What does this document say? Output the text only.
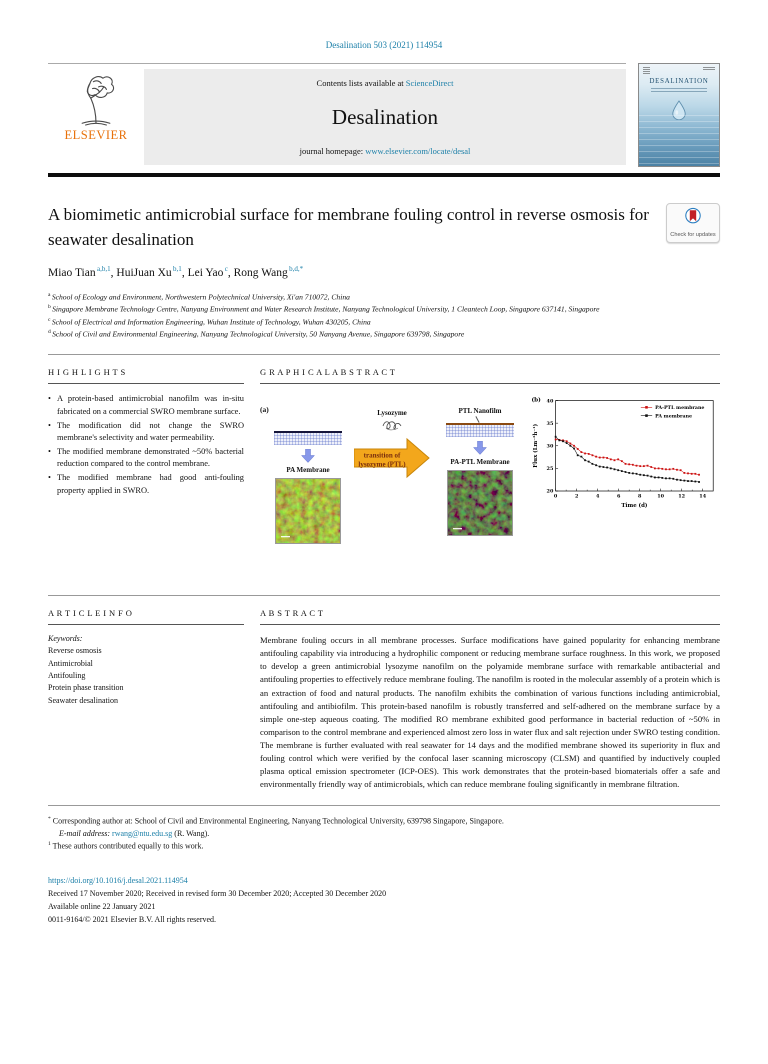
Desalination 503 (2021) 114954
ELSEVIER
Contents lists available at ScienceDirect
Desalination
journal homepage: www.elsevier.com/locate/desal
DESALINATION
A biomimetic antimicrobial surface for membrane fouling control in reverse osmosis for seawater desalination	Check for updates
Miao Tian $^{a,b,1}$, HuiJuan Xu $^{b,1}$, Lei Yao $^c$, Rong Wang $^{b,d,*}$
$^a$ School of Ecology and Environment, Northwestern Polytechnical University, Xi'an 710072, China
$^b$ Singapore Membrane Technology Centre, Nanyang Environment and Water Research Institute, Nanyang Technological University, 1 Cleantech Loop, Singapore 637141, Singapore
$^c$ School of Electrical and Information Engineering, Wuhan Institute of Technology, Wuhan 430205, China
$^d$ School of Civil and Environmental Engineering, Nanyang Technological University, 50 Nanyang Avenue, Singapore 639798, Singapore
H I G H L I G H T S
• A protein-based antimicrobial nanofilm was in-situ fabricated on a commercial SWRO membrane surface.
• The modification did not change the SWRO membrane's selectivity and water permeability.
• The modified membrane demonstrated ~50% bacterial reduction compared to the control membrane.
• The modified membrane had good anti-fouling property applied in SWRO.
G R A P H I C A L A B S T R A C T
(a)
PA Membrane
Lysozyme
transition of
lysozyme (PTL)
PTL Nanofilm
PA-PTL Membrane
(b)
0	2	4	6	8 10 12 14
20
25
30
35
40
Time (d)
Flux (Lm⁻²h⁻¹)
PA-PTL membrane
PA membrane
A R T I C L E I N F O
Keywords:
Reverse osmosis
Antimicrobial
Antifouling
Protein phase transition
Seawater desalination
A B S T R A C T

Membrane fouling occurs in all membrane processes. Surface modifications have gained popularity for enhancing membrane antifouling capability via introducing a hydrophilic component or reducing membrane surface roughness. In this work, we proposed to develop a green antimicrobial lysozyme nanofilm on the polyamide membrane surface with remarkable antibacterial and antifouling properties to effectively reduce membrane fouling. The nanofilm is rooted in the molecular assembly of a protein which is an extraction of food and natural products. The nanofilm exhibits the combination of various functions including antimicrobial, antifouling and antibiofilm. This protein-based nanofilm is robustly transferred and self-adhered on the membrane surface by a simple one-step aqueous coating. The modified RO membrane exhibited good performance in bacterial reduction of ~50% in comparison to the control membrane and experienced almost zero loss in water flux and salt rejection under SWRO testing condition. The membrane is further evaluated with real seawater for 14 days and the modified membrane showed its superiority in flux and fouling control which were verified by the confocal laser scanning microscopy (CLSM) and quantified by inductively coupled plasma optical emission spectrometer (ICP-OES). This work demonstrates that the protein-based biomaterials offer a safe and environmentally friendly way of antimicrobials, which can reduce membrane fouling significantly in membrane filtration.

* Corresponding author at: School of Civil and Environmental Engineering, Nanyang Technological University, 639798 Singapore, Singapore.
E-mail address: rwang@ntu.edu.sg (R. Wang).
$^1$ These authors contributed equally to this work.
https://doi.org/10.1016/j.desal.2021.114954
Received 17 November 2020; Received in revised form 30 December 2020; Accepted 30 December 2020
Available online 22 January 2021
0011-9164/© 2021 Elsevier B.V. All rights reserved.
